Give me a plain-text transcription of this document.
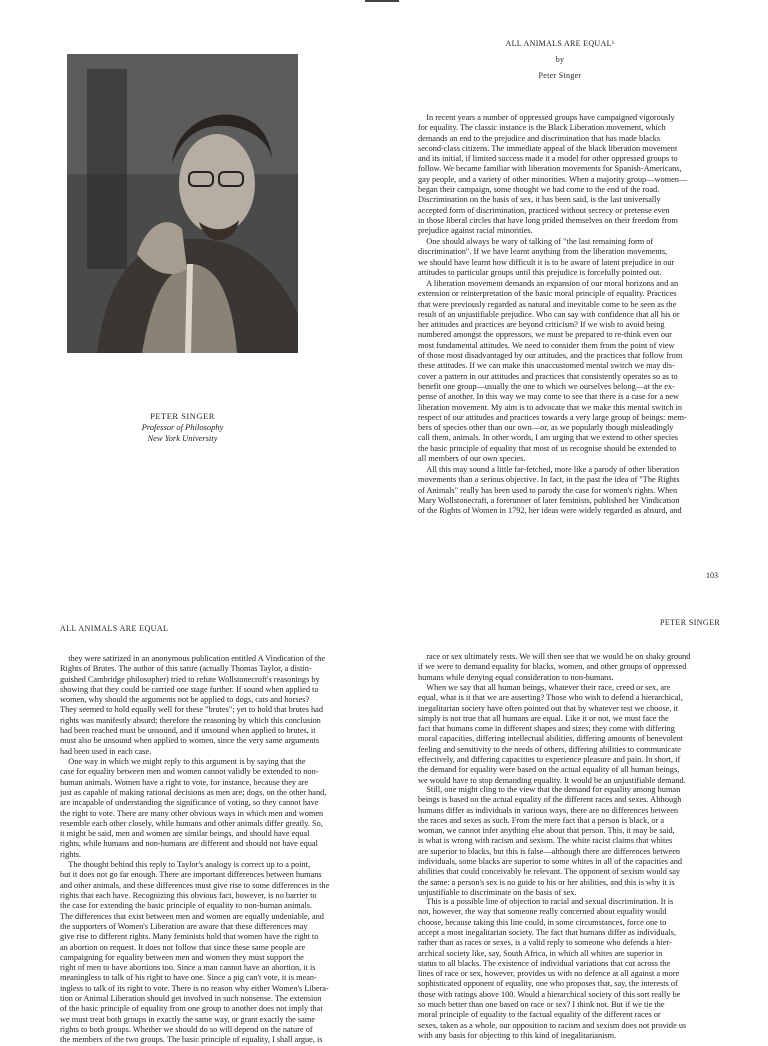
PETER SINGER
Professor of Philosophy
New York University
ALL ANIMALS ARE EQUAL¹
by
Peter Singer

 In recent years a number of oppressed groups have campaigned vigorously
for equality. The classic instance is the Black Liberation movement, which
demands an end to the prejudice and discrimination that has made blacks
second-class citizens. The immediate appeal of the black liberation movement
and its initial, if limited success made it a model for other oppressed groups to
follow. We became familiar with liberation movements for Spanish-Americans,
gay people, and a variety of other minorities. When a majority group—women—
began their campaign, some thought we had come to the end of the road.
Discrimination on the basis of sex, it has been said, is the last universally
accepted form of discrimination, practiced without secrecy or pretense even
in those liberal circles that have long prided themselves on their freedom from
prejudice against racial minorities.

 One should always be wary of talking of "the last remaining form of
discrimination". If we have learnt anything from the liberation movements,
we should have learnt how difficult it is to be aware of latent prejudice in our
attitudes to particular groups until this prejudice is forcefully pointed out.

 A liberation movement demands an expansion of our moral horizons and an
extension or reinterpretation of the basic moral principle of equality. Practices
that were previously regarded as natural and inevitable come to be seen as the
result of an unjustifiable prejudice. Who can say with confidence that all his or
her attitudes and practices are beyond criticism? If we wish to avoid being
numbered amongst the oppressors, we must be prepared to re-think even our
most fundamental attitudes. We need to consider them from the point of view
of those most disadvantaged by our attitudes, and the practices that follow from
these attitudes. If we can make this unaccustomed mental switch we may dis-
cover a pattern in our attitudes and practices that consistently operates so as to
benefit one group—usually the one to which we ourselves belong—at the ex-
pense of another. In this way we may come to see that there is a case for a new
liberation movement. My aim is to advocate that we make this mental switch in
respect of our attitudes and practices towards a very large group of beings: mem-
bers of species other than our own—or, as we popularly though misleadingly
call them, animals. In other words, I am urging that we extend to other species
the basic principle of equality that most of us recognise should be extended to
all members of our own species.

 All this may sound a little far-fetched, more like a parody of other liberation
movements than a serious objective. In fact, in the past the idea of "The Rights
of Animals" really has been used to parody the case for women's rights. When
Mary Wollstonecraft, a forerunner of later feminists, published her Vindication
of the Rights of Women in 1792, her ideas were widely regarded as absurd, and

103
ALL ANIMALS ARE EQUAL
PETER SINGER

 they were satirized in an anonymous publication entitled A Vindication of the
Rights of Brutes. The author of this satire (actually Thomas Taylor, a distin-
guished Cambridge philosopher) tried to refute Wollstonecroft's reasonings by
showing that they could be carried one stage further. If sound when applied to
women, why should the arguments not be applied to dogs, cats and horses?
They seemed to hold equally well for these "brutes"; yet to hold that brutes had
rights was manifestly absurd; therefore the reasoning by which this conclusion
had been reached must be unsound, and if unsound when applied to brutes, it
must also be unsound when applied to women, since the very same arguments
had been used in each case.

 One way in which we might reply to this argument is by saying that the
case for equality between men and women cannot validly be extended to non-
human animals. Women have a right to vote, for instance, because they are
just as capable of making rational decisions as men are; dogs, on the other hand,
are incapable of understanding the significance of voting, so they cannot have
the right to vote. There are many other obvious ways in which men and women
resemble each other closely, while humans and other animals differ greatly. So,
it might be said, men and women are similar beings, and should have equal
rights, while humans and non-humans are different and should not have equal
rights.

 The thought behind this reply to Taylor's analogy is correct up to a point,
but it does not go far enough. There are important differences between humans
and other animals, and these differences must give rise to some differences in the
rights that each have. Recognizing this obvious fact, however, is no barrier to
the case for extending the basic principle of equality to non-human animals.
The differences that exist between men and women are equally undeniable, and
the supporters of Women's Liberation are aware that these differences may
give rise to different rights. Many feminists hold that women have the right to
an abortion on request. It does not follow that since these same people are
campaigning for equality between men and women they must support the
right of men to have abortions too. Since a man cannot have an abortion, it is
meaningless to talk of his right to have one. Since a pig can't vote, it is mean-
ingless to talk of its right to vote. There is no reason why either Women's Libera-
tion or Animal Liberation should get involved in such nonsense. The extension
of the basic principle of equality from one group to another does not imply that
we must treat both groups in exactly the same way, or grant exactly the same
rights to both groups. Whether we should do so will depend on the nature of
the members of the two groups. The basic principle of equality, I shall argue, is

 race or sex ultimately rests. We will then see that we would be on shaky ground
if we were to demand equality for blacks, women, and other groups of oppressed
humans while denying equal consideration to non-humans.

 When we say that all human beings, whatever their race, creed or sex, are
equal, what is it that we are asserting? Those who wish to defend a hierarchical,
inegalitarian society have often pointed out that by whatever test we choose, it
simply is not true that all humans are equal. Like it or not, we must face the
fact that humans come in different shapes and sizes; they come with differing
moral capacities, differing intellectual abilities, differing amounts of benevolent
feeling and sensitivity to the needs of others, differing abilities to communicate
effectively, and differing capacities to experience pleasure and pain. In short, if
the demand for equality were based on the actual equality of all human beings,
we would have to stop demanding equality. It would be an unjustifiable demand.

 Still, one might cling to the view that the demand for equality among human
beings is based on the actual equality of the different races and sexes. Although
humans differ as individuals in various ways, there are no differences between
the races and sexes as such. From the mere fact that a person is black, or a
woman, we cannot infer anything else about that person. This, it may be said,
is what is wrong with racism and sexism. The white racist claims that whites
are superior to blacks, but this is false—although there are differences between
individuals, some blacks are superior to some whites in all of the capacities and
abilities that could conceivably be relevant. The opponent of sexism would say
the same: a person's sex is no guide to his or her abilities, and this is why it is
unjustifiable to discriminate on the basis of sex.

 This is a possible line of objection to racial and sexual discrimination. It is
not, however, the way that someone really concerned about equality would
choose, because taking this line could, in some circumstances, force one to
accept a most inegalitarian society. The fact that humans differ as individuals,
rather than as races or sexes, is a valid reply to someone who defends a hier-
archical society like, say, South Africa, in which all whites are superior in
status to all blacks. The existence of individual variations that cut across the
lines of race or sex, however, provides us with no defence at all against a more
sophisticated opponent of equality, one who proposes that, say, the interests of
those with ratings above 100. Would a hierarchical society of this sort really be
so much better than one based on race or sex? I think not. But if we tie the
moral principle of equality to the factual equality of the different races or
sexes, taken as a whole, our opposition to racism and sexism does not provide us
with any basis for objecting to this kind of inegalitarianism.
